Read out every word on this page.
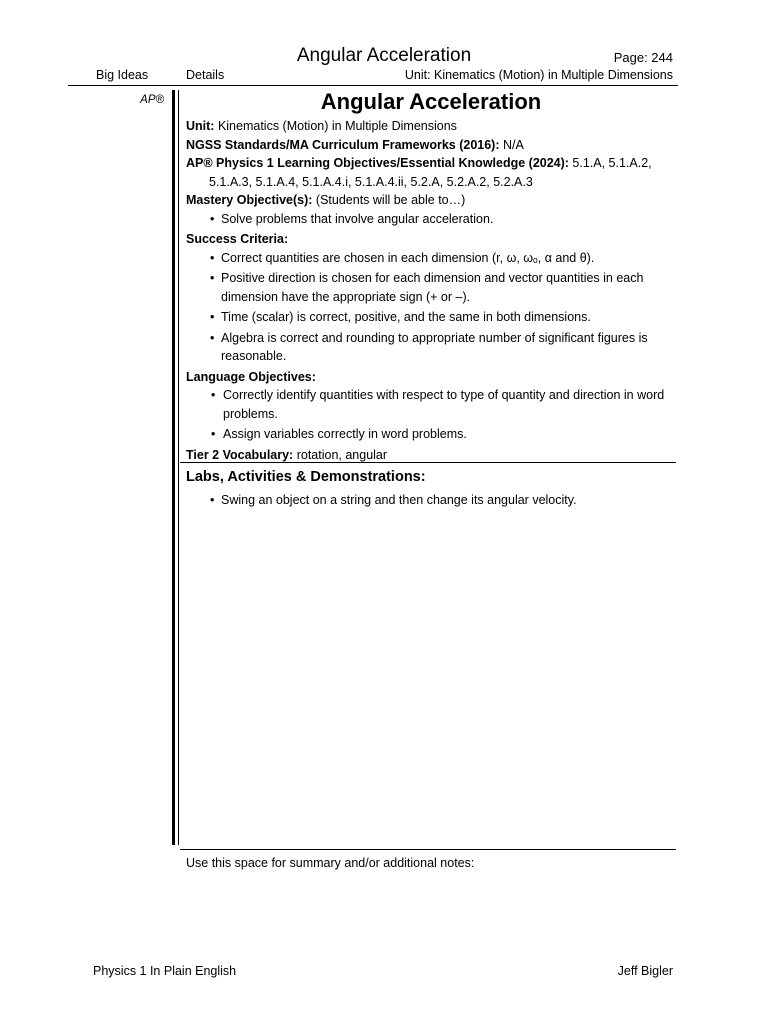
Angular Acceleration	Page: 244
Big Ideas	Details	Unit: Kinematics (Motion) in Multiple Dimensions
AP®	Angular Acceleration
Unit: Kinematics (Motion) in Multiple Dimensions
NGSS Standards/MA Curriculum Frameworks (2016): N/A
AP® Physics 1 Learning Objectives/Essential Knowledge (2024): 5.1.A, 5.1.A.2,
5.1.A.3, 5.1.A.4, 5.1.A.4.i, 5.1.A.4.ii, 5.2.A, 5.2.A.2, 5.2.A.3
Mastery Objective(s): (Students will be able to…)
• Solve problems that involve angular acceleration.
Success Criteria:
• Correct quantities are chosen in each dimension (r, ω, ωₒ, α and θ).
• Positive direction is chosen for each dimension and vector quantities in each dimension have the appropriate sign (+ or –).
• Time (scalar) is correct, positive, and the same in both dimensions.
• Algebra is correct and rounding to appropriate number of significant figures is reasonable.
Language Objectives:
• Correctly identify quantities with respect to type of quantity and direction in word problems.
• Assign variables correctly in word problems.
Tier 2 Vocabulary: rotation, angular
Labs, Activities & Demonstrations:
• Swing an object on a string and then change its angular velocity.
Use this space for summary and/or additional notes:
Physics 1 In Plain English	Jeff Bigler
